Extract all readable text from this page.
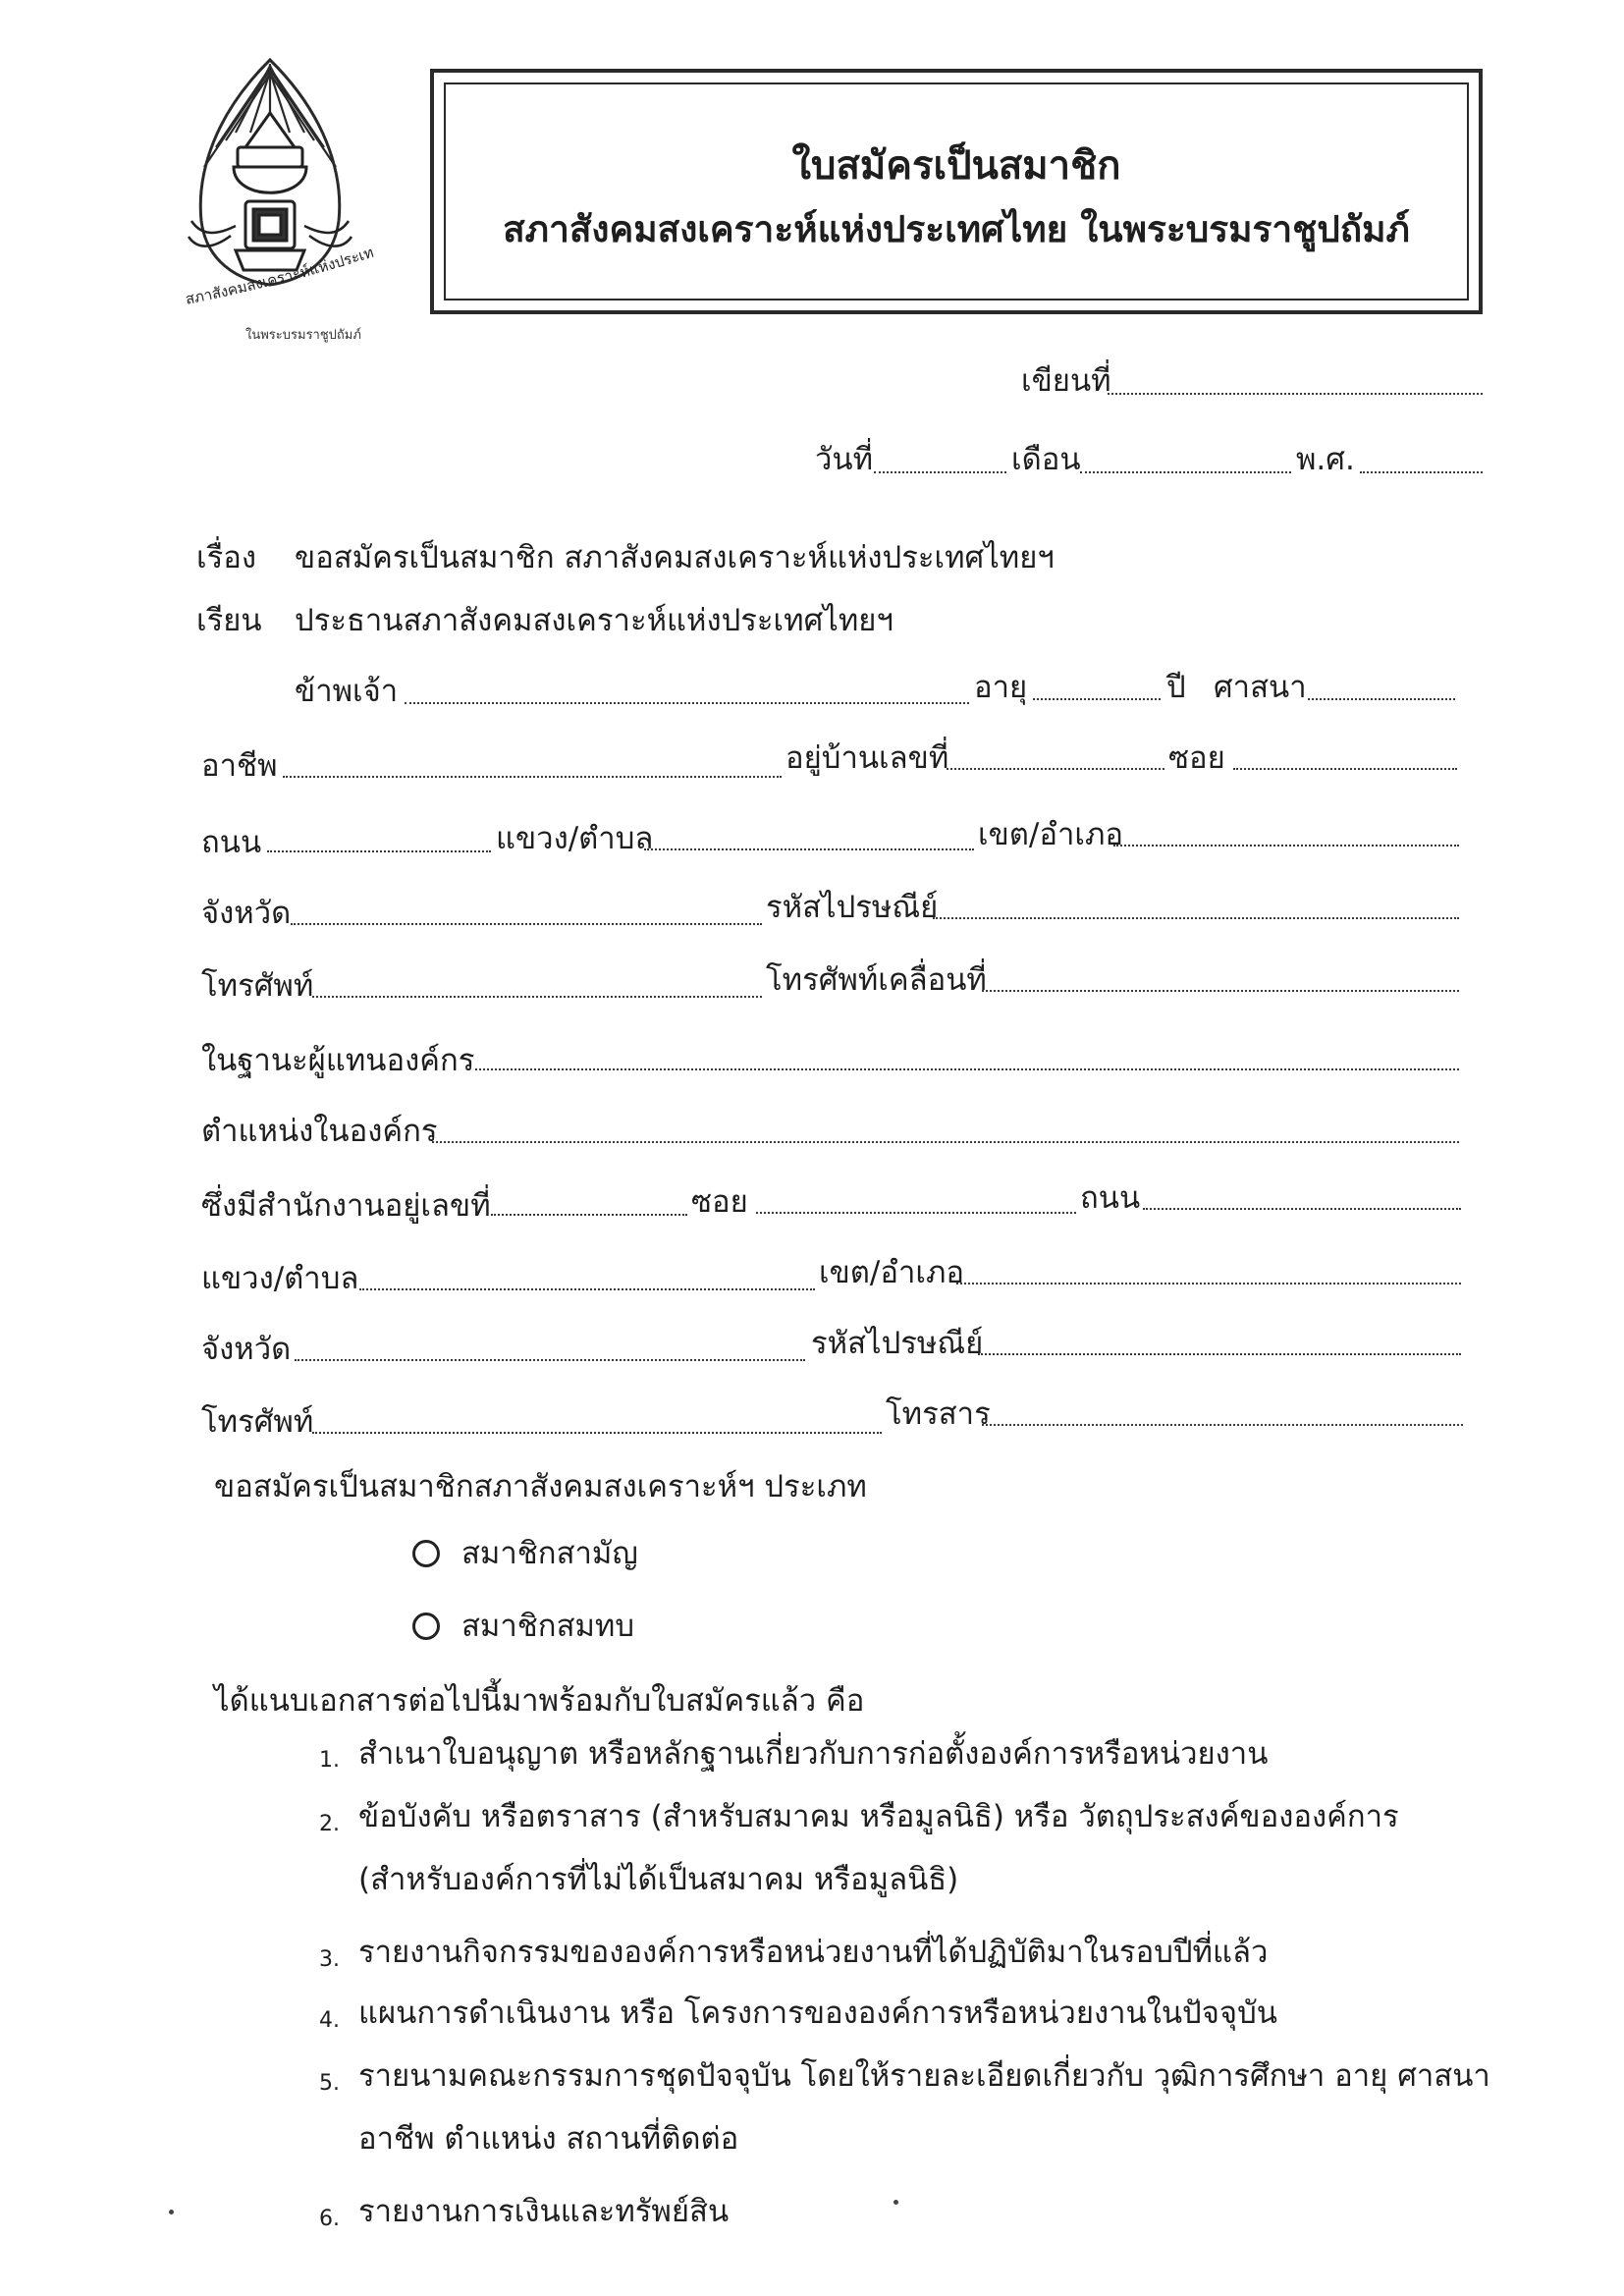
สภาสังคมสงเคราะห์แห่งประเท
ในพระบรมราชูปถัมภ์
ใบสมัครเป็นสมาชิก
สภาสังคมสงเคราะห์แห่งประเทศไทย ในพระบรมราชูปถัมภ์
เขียนที่
วันที่	เดือน	พ.ศ.
เรื่อง ขอสมัครเป็นสมาชิก สภาสังคมสงเคราะห์แห่งประเทศไทยฯ
เรียน ประธานสภาสังคมสงเคราะห์แห่งประเทศไทยฯ
ข้าพเจ้า	อายุ	ปี ศาสนา
อาชีพ	อยู่บ้านเลขที่	ซอย
ถนน	แขวง/ตำบล	เขต/อำเภอ
จังหวัด	รหัสไปรษณีย์
โทรศัพท์	โทรศัพท์เคลื่อนที่
ในฐานะผู้แทนองค์กร
ตำแหน่งในองค์กร
ซึ่งมีสำนักงานอยู่เลขที่	ซอย	ถนน
แขวง/ตำบล	เขต/อำเภอ
จังหวัด	รหัสไปรษณีย์
โทรศัพท์	โทรสาร
ขอสมัครเป็นสมาชิกสภาสังคมสงเคราะห์ฯ ประเภท
สมาชิกสามัญ
สมาชิกสมทบ
ได้แนบเอกสารต่อไปนี้มาพร้อมกับใบสมัครแล้ว คือ
1. สำเนาใบอนุญาต หรือหลักฐานเกี่ยวกับการก่อตั้งองค์การหรือหน่วยงาน
2. ข้อบังคับ หรือตราสาร (สำหรับสมาคม หรือมูลนิธิ) หรือ วัตถุประสงค์ขององค์การ
(สำหรับองค์การที่ไม่ได้เป็นสมาคม หรือมูลนิธิ)
3. รายงานกิจกรรมขององค์การหรือหน่วยงานที่ได้ปฏิบัติมาในรอบปีที่แล้ว
4. แผนการดำเนินงาน หรือ โครงการขององค์การหรือหน่วยงานในปัจจุบัน
5. รายนามคณะกรรมการชุดปัจจุบัน โดยให้รายละเอียดเกี่ยวกับ วุฒิการศึกษา อายุ ศาสนา
อาชีพ ตำแหน่ง สถานที่ติดต่อ
6. รายงานการเงินและทรัพย์สิน
